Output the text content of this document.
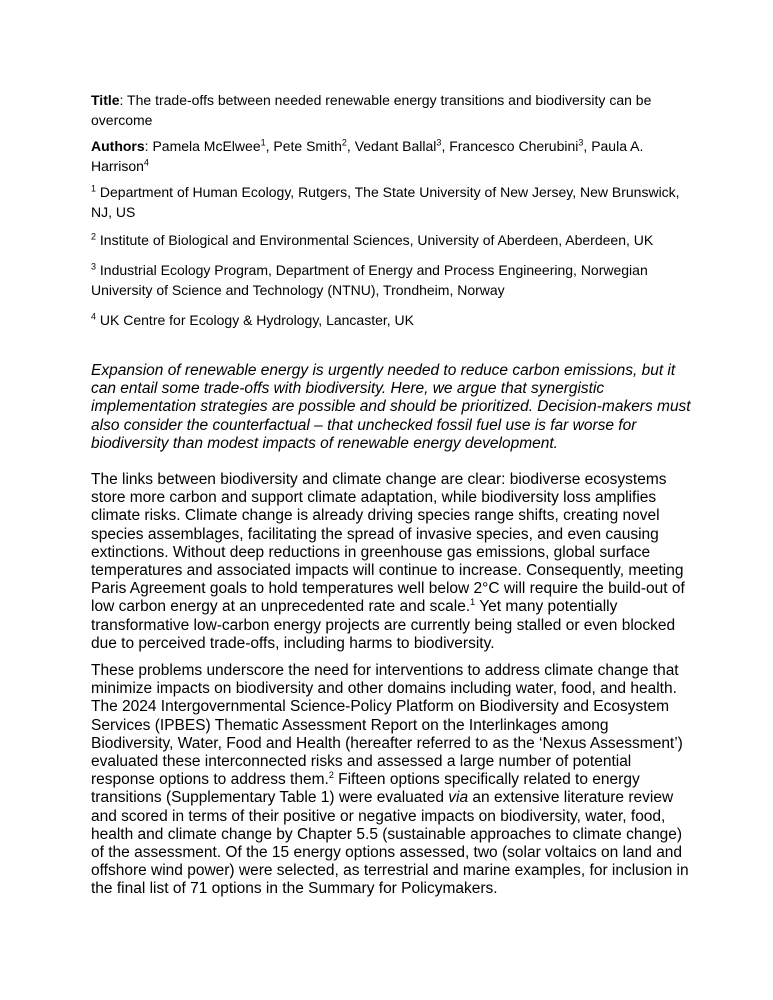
Title: The trade-offs between needed renewable energy transitions and biodiversity can be overcome

Authors: Pamela McElwee$^1$, Pete Smith$^2$, Vedant Ballal$^3$, Francesco Cherubini$^3$, Paula A. Harrison$^4$

$^1$ Department of Human Ecology, Rutgers, The State University of New Jersey, New Brunswick, NJ, US

$^2$ Institute of Biological and Environmental Sciences, University of Aberdeen, Aberdeen, UK

$^3$ Industrial Ecology Program, Department of Energy and Process Engineering, Norwegian University of Science and Technology (NTNU), Trondheim, Norway

$^4$ UK Centre for Ecology & Hydrology, Lancaster, UK

Expansion of renewable energy is urgently needed to reduce carbon emissions, but it can entail some trade-offs with biodiversity. Here, we argue that synergistic implementation strategies are possible and should be prioritized. Decision-makers must also consider the counterfactual – that unchecked fossil fuel use is far worse for biodiversity than modest impacts of renewable energy development.

The links between biodiversity and climate change are clear: biodiverse ecosystems store more carbon and support climate adaptation, while biodiversity loss amplifies climate risks. Climate change is already driving species range shifts, creating novel species assemblages, facilitating the spread of invasive species, and even causing extinctions. Without deep reductions in greenhouse gas emissions, global surface temperatures and associated impacts will continue to increase. Consequently, meeting Paris Agreement goals to hold temperatures well below 2°C will require the build-out of low carbon energy at an unprecedented rate and scale.$^1$ Yet many potentially transformative low-carbon energy projects are currently being stalled or even blocked due to perceived trade-offs, including harms to biodiversity.

These problems underscore the need for interventions to address climate change that minimize impacts on biodiversity and other domains including water, food, and health. The 2024 Intergovernmental Science-Policy Platform on Biodiversity and Ecosystem Services (IPBES) Thematic Assessment Report on the Interlinkages among Biodiversity, Water, Food and Health (hereafter referred to as the ‘Nexus Assessment’) evaluated these interconnected risks and assessed a large number of potential response options to address them.$^2$ Fifteen options specifically related to energy transitions (Supplementary Table 1) were evaluated via an extensive literature review and scored in terms of their positive or negative impacts on biodiversity, water, food, health and climate change by Chapter 5.5 (sustainable approaches to climate change) of the assessment. Of the 15 energy options assessed, two (solar voltaics on land and offshore wind power) were selected, as terrestrial and marine examples, for inclusion in the final list of 71 options in the Summary for Policymakers.
